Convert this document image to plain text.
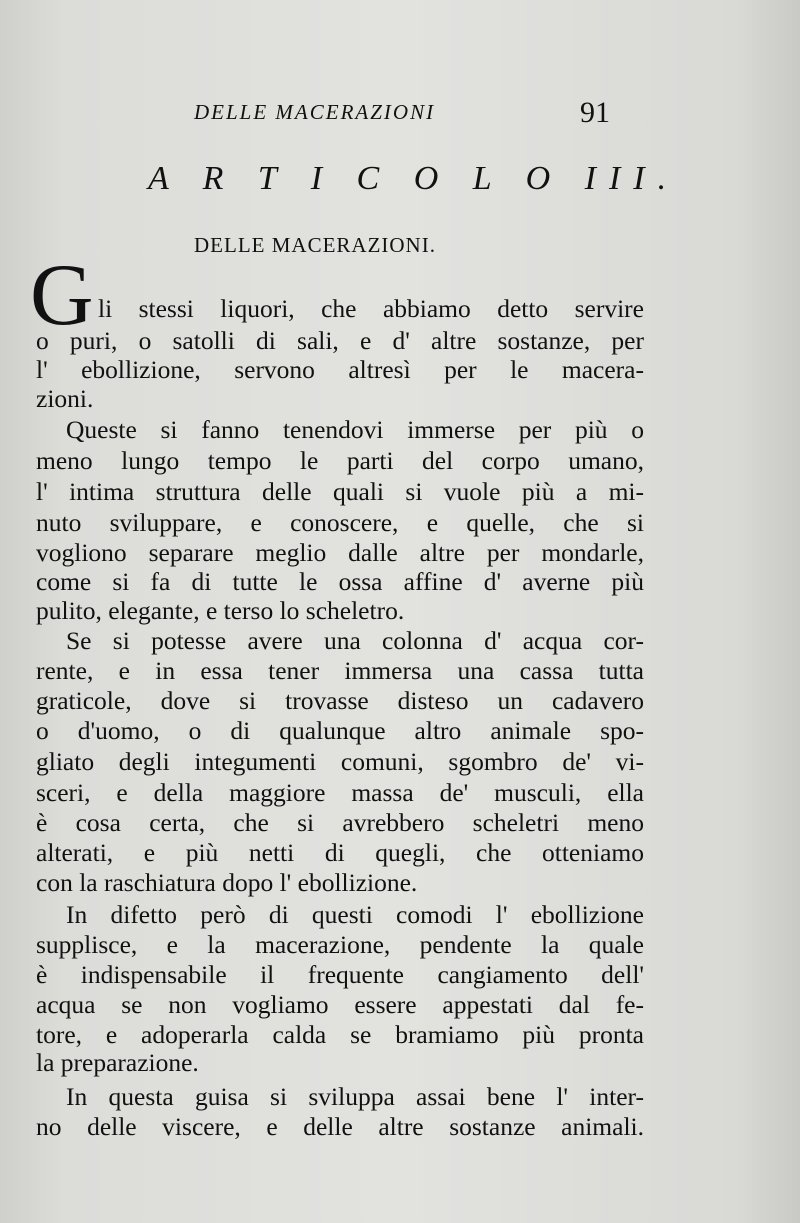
DELLE MACERAZIONI	91
A R T I C O L O III.
DELLE MACERAZIONI.
G li stessi liquori, che abbiamo detto servire
o puri, o satolli di sali, e d' altre sostanze, per
l' ebollizione, servono altresì per le macera-
zioni.
Queste si fanno tenendovi immerse per più o
meno lungo tempo le parti del corpo umano,
l' intima struttura delle quali si vuole più a mi-
nuto sviluppare, e conoscere, e quelle, che si
vogliono separare meglio dalle altre per mondarle,
come si fa di tutte le ossa affine d' averne più
pulito, elegante, e terso lo scheletro.
Se si potesse avere una colonna d' acqua cor-
rente, e in essa tener immersa una cassa tutta
graticole, dove si trovasse disteso un cadavero
o d'uomo, o di qualunque altro animale spo-
gliato degli integumenti comuni, sgombro de' vi-
sceri, e della maggiore massa de' musculi, ella
è cosa certa, che si avrebbero scheletri meno
alterati, e più netti di quegli, che otteniamo
con la raschiatura dopo l' ebollizione.
In difetto però di questi comodi l' ebollizione
supplisce, e la macerazione, pendente la quale
è indispensabile il frequente cangiamento dell'
acqua se non vogliamo essere appestati dal fe-
tore, e adoperarla calda se bramiamo più pronta
la preparazione.
In questa guisa si sviluppa assai bene l' inter-
no delle viscere, e delle altre sostanze animali.
